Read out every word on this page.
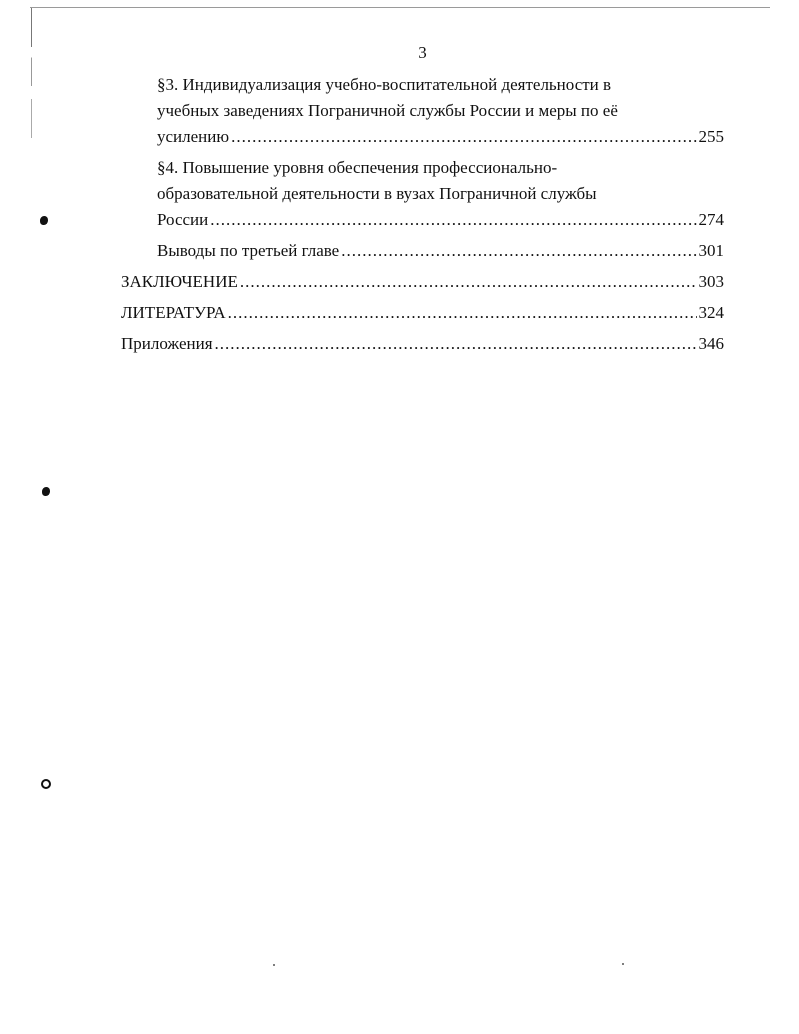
3
§3. Индивидуализация учебно-воспитательной деятельности в
учебных заведениях Пограничной службы России и меры по её
усилению .....	255
§4. Повышение уровня обеспечения профессионально-
образовательной деятельности в вузах Пограничной службы
России .....	274
Выводы по третьей главе .....	301
ЗАКЛЮЧЕНИЕ .....	303
ЛИТЕРАТУРА .....	324
Приложения .....	346
